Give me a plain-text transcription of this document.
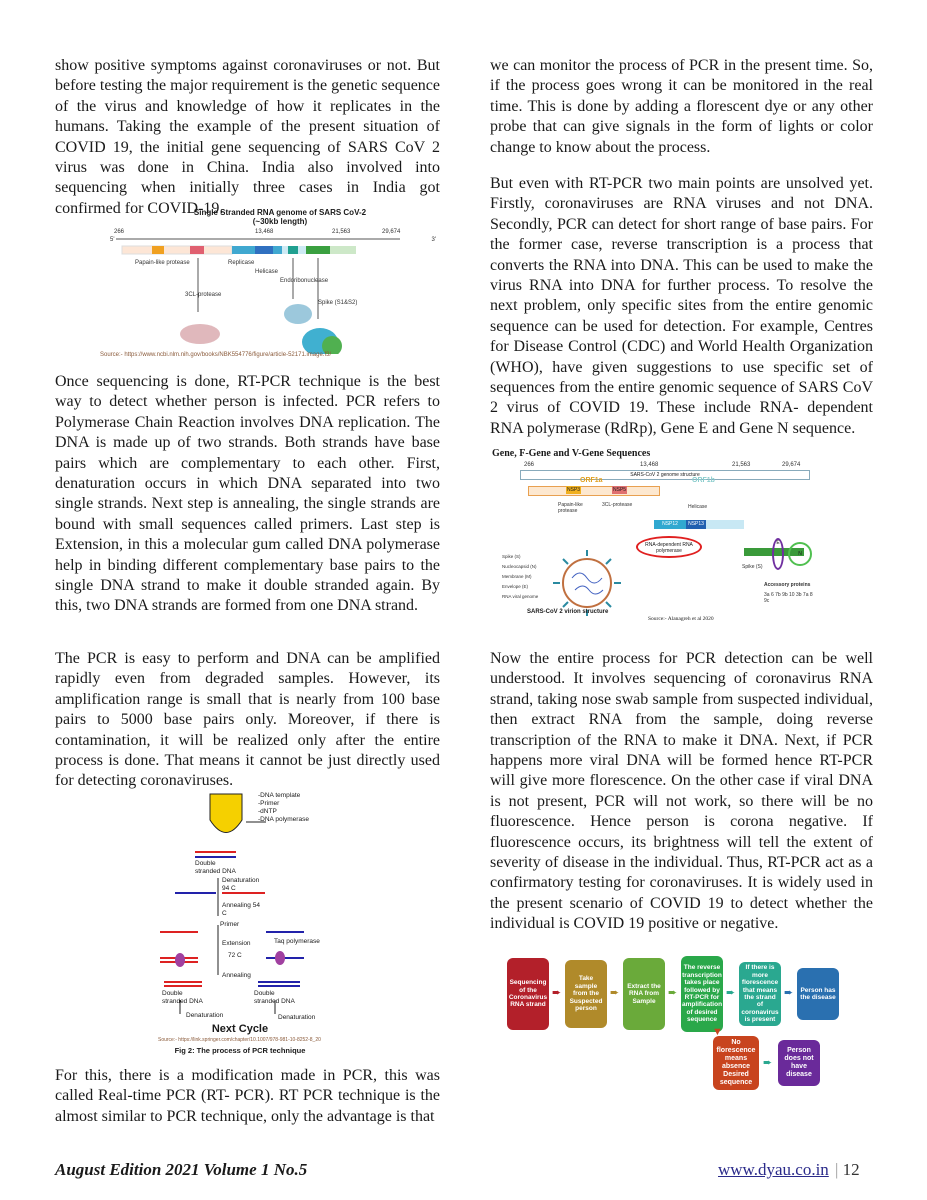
show positive symptoms against coronaviruses or not. But before testing the major requirement is the genetic sequence of the virus and knowledge of how it replicates in the humans. Taking the example of the present situation of COVID 19, the initial gene sequencing of SARS CoV 2 virus was done in China. India also involved into sequencing when initially three cases in India got confirmed for COVID-19.

Single Stranded RNA genome of SARS CoV-2
(~30kb length)
5'	3'
266	13,468	21,563	29,674
Papain-like protease	Replicase
Helicase
3CL-protease
Endoribonuclease
Spike (S1&S2)
Source:- https://www.ncbi.nlm.nih.gov/books/NBK554776/figure/article-52171.image.f3/

Once sequencing is done, RT-PCR technique is the best way to detect whether person is infected. PCR refers to Polymerase Chain Reaction involves DNA replication. The DNA is made up of two strands. Both strands have base pairs which are complementary to each other. First, denaturation occurs in which DNA separated into two single strands. Next step is annealing, the single strands are bound with small sequences called primers. Last step is Extension, in this a molecular gum called DNA polymerase help in binding different complementary base pairs to the single DNA strand to make it double stranded again. By this, two DNA strands are formed from one DNA strand.

The PCR is easy to perform and DNA can be amplified rapidly even from degraded samples. However, its amplification range is small that is nearly from 100 base pairs to 5000 base pairs only. Moreover, if there is contamination, it will be realized only after the entire process is done. That means it cannot be just directly used for detecting coronaviruses.

-DNA template
-Primer
-dNTP
-DNA polymerase
Double stranded DNA
Denaturation 94 C
Annealing 54 C
Primer
Extension
72 C
Taq polymerase
Annealing
Double stranded DNA
Double stranded DNA
Denaturation	Denaturation
Next Cycle
Source:- https://link.springer.com/chapter/10.1007/978-981-10-8252-8_20
Fig 2: The process of PCR technique

For this, there is a modification made in PCR, this was called Real-time PCR (RT- PCR). RT PCR technique is the almost similar to PCR technique, only the advantage is that

we can monitor the process of PCR in the present time. So, if the process goes wrong it can be monitored in the real time. This is done by adding a florescent dye or any other probe that can give signals in the form of lights or color change to know about the process.

But even with RT-PCR two main points are unsolved yet. Firstly, coronaviruses are RNA viruses and not DNA. Secondly, PCR can detect for short range of base pairs. For the former case, reverse transcription is a process that converts the RNA into DNA. This can be used to make the virus RNA into DNA for further process. To resolve the next problem, only specific sites from the entire genomic sequence can be used for detection. For example, Centres for Disease Control (CDC) and World Health Organization (WHO), have given suggestions to use specific set of sequences from the entire genomic sequence of SARS CoV 2 virus of COVID 19. These include RNA- dependent RNA polymerase (RdRp), Gene E and Gene N sequence.

Gene, F-Gene and V-Gene Sequences
266	13,468	21,563	29,674
SARS-CoV 2 genome structure
ORF1a	ORF1b
NSP3	NSP5
Papain-like protease
3CL-protease	Helicase
NSP12	NSP13
RNA-dependent RNA polymerase
E
N
Spike (S)
Accessory proteins
3a 6 7b 9b 10 3b 7a 8 9c
Spike (S)
Nucleocapsid (N)
Membrane (M)
Envelope (E)
RNA viral genome
SARS-CoV 2 virion structure
Source:- Alanagreh et al 2020

Now the entire process for PCR detection can be well understood. It involves sequencing of coronavirus RNA strand, taking nose swab sample from suspected individual, then extract RNA from the sample, doing reverse transcription of the RNA to make it DNA. Next, if PCR happens more viral DNA will be formed hence RT-PCR will give more florescence. On the other case if viral DNA is not present, PCR will not work, so there will be no fluorescence. Hence person is corona negative. If fluorescence occurs, its brightness will tell the extent of severity of disease in the individual. Thus, RT-PCR act as a confirmatory testing for coronaviruses. It is widely used in the present scenario of COVID 19 to detect whether the individual is COVID 19 positive or negative.

Sequencing of the Coronavirus RNA strand
Take sample from the Suspected person
Extract the RNA from Sample
The reverse transcription takes place followed by RT-PCR for amplification of desired sequence
If there is more florescence that means the strand of coronavirus is present
Person has the disease
No florescence means absence Desired sequence
Person does not have disease
➨	➨	➨	➨	➨
▼
➨
August Edition 2021 Volume 1 No.5	www.dyau.co.in | 12
